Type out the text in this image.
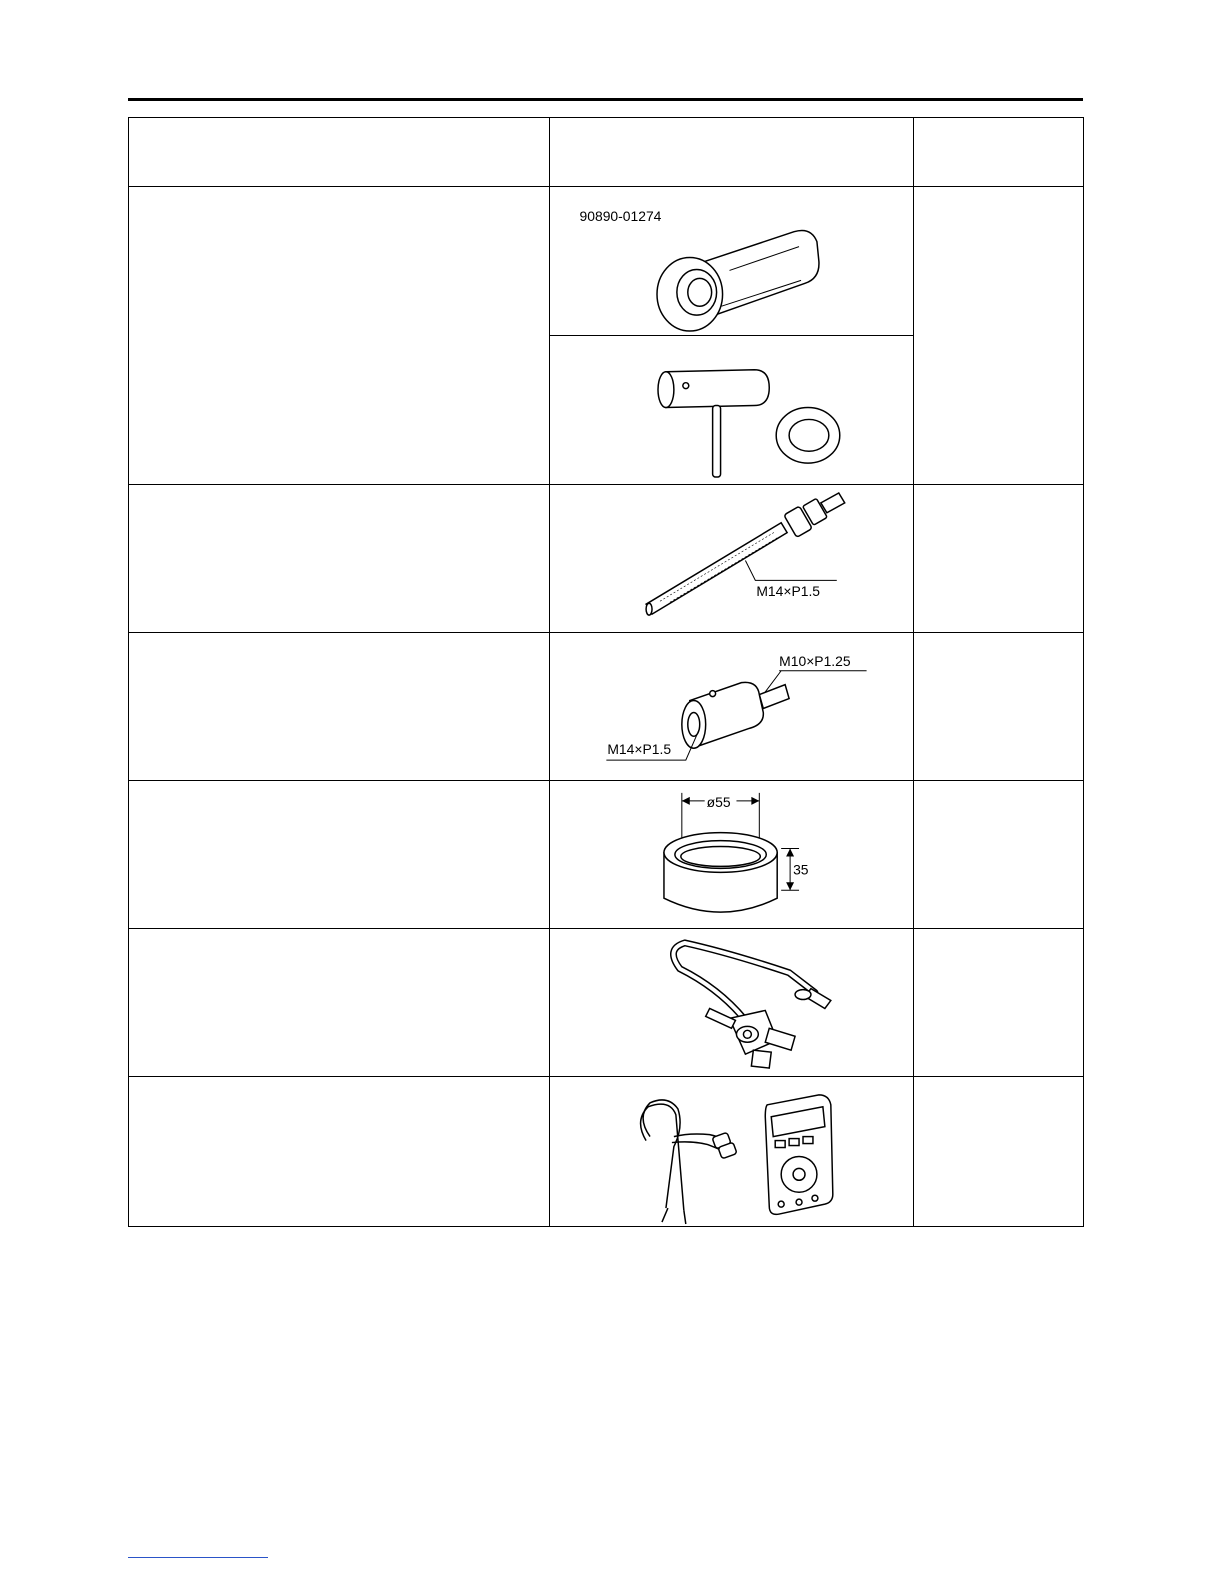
90890-01274	

M14×P1.5	

M10×P1.25
M14×P1.5	

ø55
35	
